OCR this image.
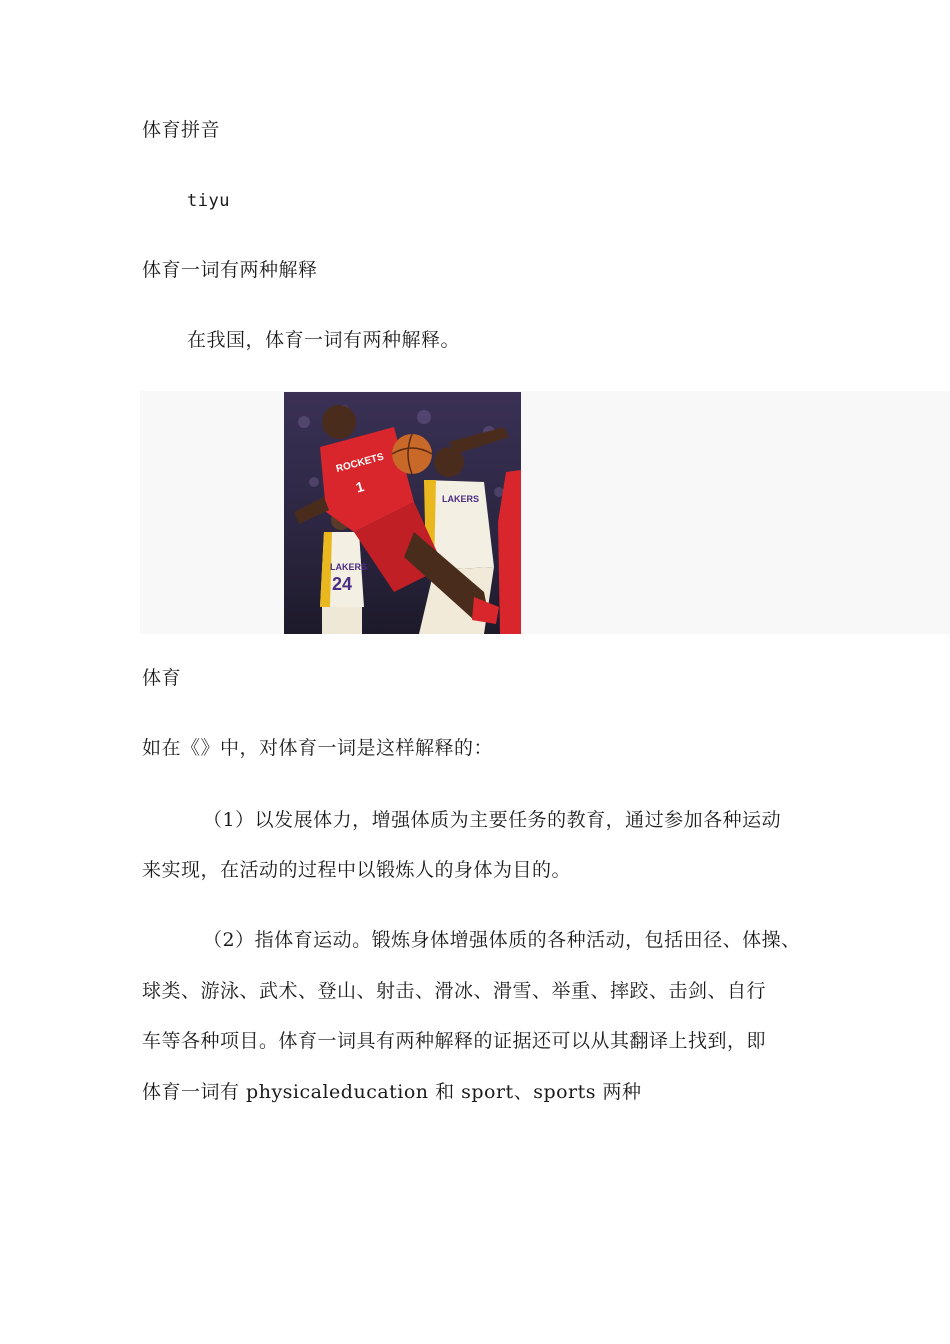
体育拼音
tiyu
体育一词有两种解释
在我国，体育一词有两种解释。
LAKERS
24
LAKERS
ROCKETS
1
体育
如在《》中，对体育一词是这样解释的：
（1）以发展体力，增强体质为主要任务的教育，通过参加各种运动
来实现，在活动的过程中以锻炼人的身体为目的。
（2）指体育运动。锻炼身体增强体质的各种活动，包括田径、体操、
球类、游泳、武术、登山、射击、滑冰、滑雪、举重、摔跤、击剑、自行
车等各种项目。体育一词具有两种解释的证据还可以从其翻译上找到，即
体育一词有 physicaleducation 和 sport、sports 两种
